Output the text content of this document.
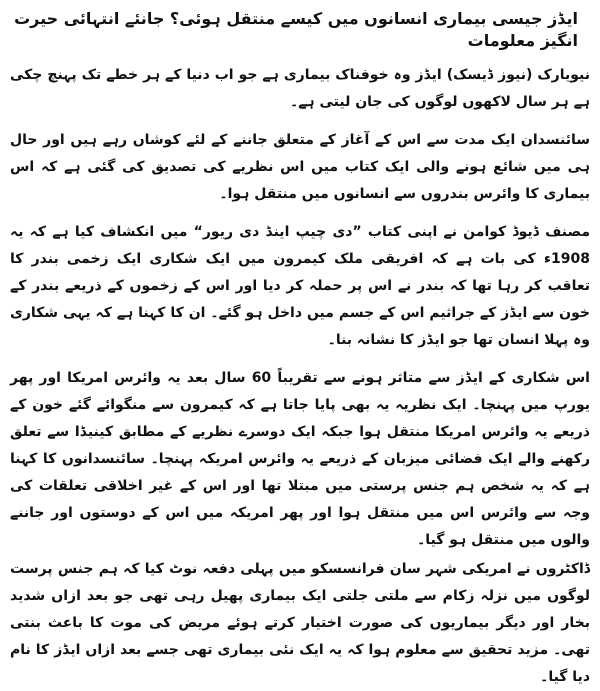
ایڈز جیسی بیماری انسانوں میں کیسے منتقل ہوئی؟ جانئے انتہائی حیرت انگیز معلومات

نیویارک (نیوز ڈیسک) ایڈز وہ خوفناک بیماری ہے جو اب دنیا کے ہر خطے تک پہنچ چکی ہے ہر سال لاکھوں لوگوں کی جان لیتی ہے۔

سائنسدان ایک مدت سے اس کے آغاز کے متعلق جاننے کے لئے کوشاں رہے ہیں اور حال ہی میں شائع ہونے والی ایک کتاب میں اس نظریے کی تصدیق کی گئی ہے کہ اس بیماری کا وائرس بندروں سے انسانوں میں منتقل ہوا۔

مصنف ڈیوڈ کوامن نے اپنی کتاب ”دی چیپ اینڈ دی ریور“ میں انکشاف کیا ہے کہ یہ 1908ء کی بات ہے کہ افریقی ملک کیمرون میں ایک شکاری ایک زخمی بندر کا تعاقب کر رہا تھا کہ بندر نے اس پر حملہ کر دیا اور اس کے زخموں کے ذریعے بندر کے خون سے ایڈز کے جراثیم اس کے جسم میں داخل ہو گئے۔ ان کا کہنا ہے کہ یہی شکاری وہ پہلا انسان تھا جو ایڈز کا نشانہ بنا۔

اس شکاری کے ایڈز سے متاثر ہونے سے تقریباً 60 سال بعد یہ وائرس امریکا اور پھر یورپ میں پہنچا۔ ایک نظریہ یہ بھی پایا جاتا ہے کہ کیمرون سے منگوائے گئے خون کے ذریعے یہ وائرس امریکا منتقل ہوا جبکہ ایک دوسرے نظریے کے مطابق کینیڈا سے تعلق رکھنے والے ایک فضائی میزبان کے ذریعے یہ وائرس امریکہ پہنچا۔ سائنسدانوں کا کہنا ہے کہ یہ شخص ہم جنس پرستی میں مبتلا تھا اور اس کے غیر اخلاقی تعلقات کی وجہ سے وائرس اس میں منتقل ہوا اور پھر امریکہ میں اس کے دوستوں اور جاننے والوں میں منتقل ہو گیا۔

ڈاکٹروں نے امریکی شہر سان فرانسسکو میں پہلی دفعہ نوٹ کیا کہ ہم جنس پرست لوگوں میں نزلہ زکام سے ملتی جلتی ایک بیماری پھیل رہی تھی جو بعد ازاں شدید بخار اور دیگر بیماریوں کی صورت اختیار کرتے ہوئے مریض کی موت کا باعث بنتی تھی۔ مزید تحقیق سے معلوم ہوا کہ یہ ایک نئی بیماری تھی جسے بعد ازاں ایڈز کا نام دیا گیا۔
